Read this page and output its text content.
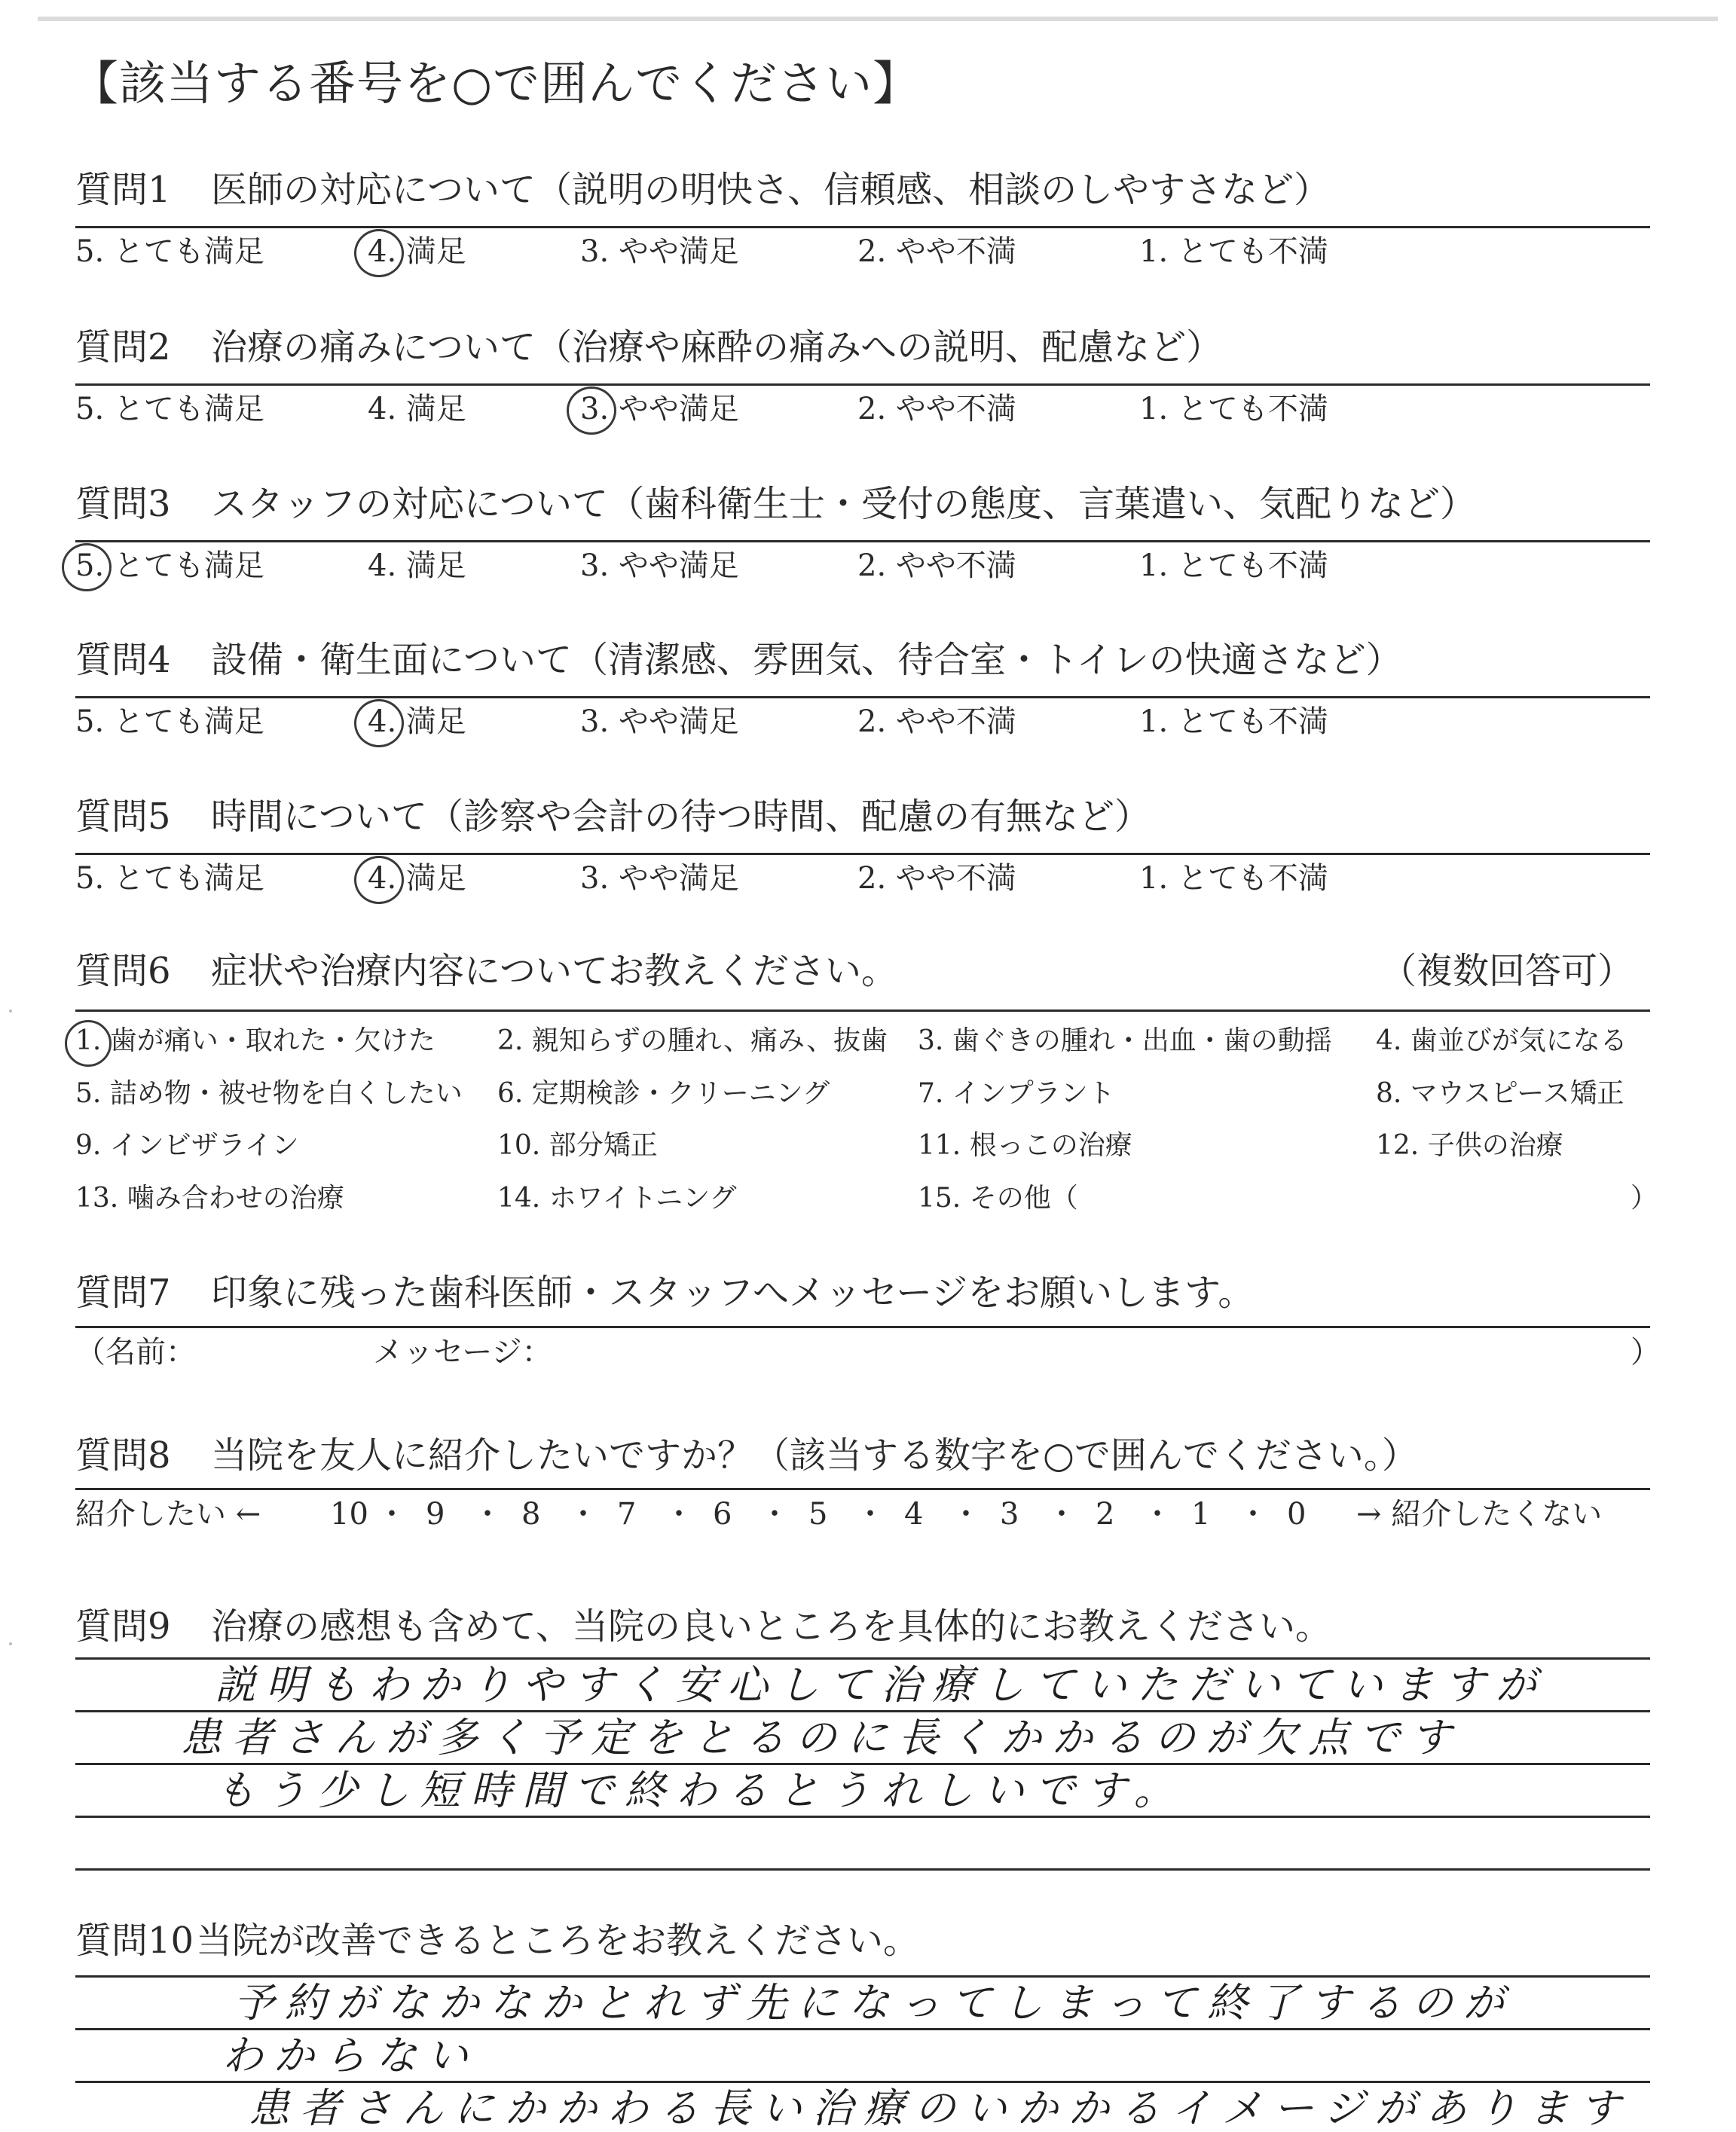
【該当する番号を○で囲んでください】
質問1 医師の対応について（説明の明快さ、信頼感、相談のしやすさなど）
5. とても満足	4. 満足	3. やや満足	2. やや不満	1. とても不満
質問2 治療の痛みについて（治療や麻酔の痛みへの説明、配慮など）
5. とても満足	4. 満足	3. やや満足	2. やや不満	1. とても不満
質問3 スタッフの対応について（歯科衛生士・受付の態度、言葉遣い、気配りなど）
5. とても満足	4. 満足	3. やや満足	2. やや不満	1. とても不満
質問4 設備・衛生面について（清潔感、雰囲気、待合室・トイレの快適さなど）
5. とても満足	4. 満足	3. やや満足	2. やや不満	1. とても不満
質問5 時間について（診察や会計の待つ時間、配慮の有無など）
5. とても満足	4. 満足	3. やや満足	2. やや不満	1. とても不満
質問6 症状や治療内容についてお教えください。	（複数回答可）
1. 歯が痛い・取れた・欠けた 2. 親知らずの腫れ、痛み、抜歯 3. 歯ぐきの腫れ・出血・歯の動揺 4. 歯並びが気になる
5. 詰め物・被せ物を白くしたい 6. 定期検診・クリーニング	7. インプラント	8. マウスピース矯正
9. インビザライン	10. 部分矯正	11. 根っこの治療	12. 子供の治療
13. 噛み合わせの治療	14. ホワイトニング	15. その他（	）
質問7 印象に残った歯科医師・スタッフへメッセージをお願いします。
（名前：	メッセージ：	）
質問8 当院を友人に紹介したいですか？（該当する数字を○で囲んでください。）
紹介したい ←	→ 紹介したくない
10 ・ 9 ・ 8 ・ 7 ・ 6 ・ 5 ・ 4 ・ 3 ・ 2 ・ 1 ・ 0
質問9 治療の感想も含めて、当院の良いところを具体的にお教えください。
説明もわかりやすく安心して治療していただいていますが
患者さんが多く予定をとるのに長くかかるのが欠点です
もう少し短時間で終わるとうれしいです。
質問10当院が改善できるところをお教えください。
予約がなかなかとれず先になってしまって終了するのが
わからない
患者さんにかかわる長い治療のいかかるイメージがあります
